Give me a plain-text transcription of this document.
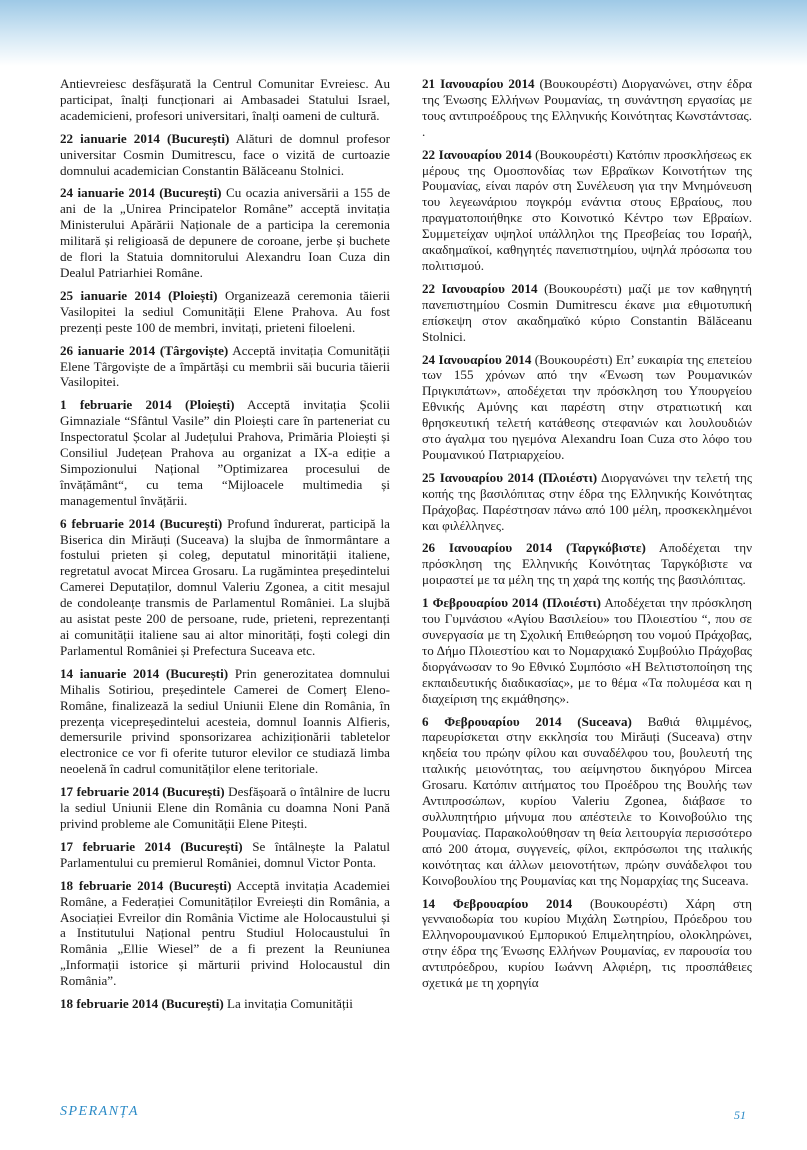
Antievreiesc desfășurată la Centrul Comunitar Evreiesc. Au participat, înalți funcționari ai Ambasadei Statului Israel, academicieni, profesori universitari, înalți oameni de cultură.

22 ianuarie 2014 (București) Alături de domnul profesor universitar Cosmin Dumitrescu, face o vizită de curtoazie domnului academician Constantin Bălăceanu Stolnici.

24 ianuarie 2014 (București) Cu ocazia aniversării a 155 de ani de la „Unirea Principatelor Române” acceptă invitația Ministerului Apărării Naționale de a participa la ceremonia militară și religioasă de depunere de coroane, jerbe și buchete de flori la Statuia domnitorului Alexandru Ioan Cuza din Dealul Patriarhiei Române.

25 ianuarie 2014 (Ploiești) Organizează ceremonia tăierii Vasilopitei la sediul Comunității Elene Prahova. Au fost prezenți peste 100 de membri, invitați, prieteni filoeleni.

26 ianuarie 2014 (Târgoviște) Acceptă invitația Comunității Elene Târgoviște de a împărtăși cu membrii săi bucuria tăierii Vasilopitei.

1 februarie 2014 (Ploiești) Acceptă invitația Școlii Gimnaziale “Sfântul Vasile” din Ploiești care în parteneriat cu Inspectoratul Școlar al Județului Prahova, Primăria Ploiești și Consiliul Județean Prahova au organizat a IX-a ediție a Simpozionului Național ”Optimizarea procesului de învățământ“, cu tema “Mijloacele multimedia și managementul învățării.

6 februarie 2014 (București) Profund îndurerat, participă la Biserica din Mirăuți (Suceava) la slujba de înmormântare a fostului prieten și coleg, deputatul minorității italiene, regretatul avocat Mircea Grosaru. La rugămintea președintelui Camerei Deputaților, domnul Valeriu Zgonea, a citit mesajul de condoleanțe transmis de Parlamentul României. La slujbă au asistat peste 200 de persoane, rude, prieteni, reprezentanți ai comunității italiene sau ai altor minorități, foști colegi din Parlamentul României și Prefectura Suceava etc.

14 ianuarie 2014 (București) Prin generozitatea domnului Mihalis Sotiriou, președintele Camerei de Comerț Eleno-Române, finalizează la sediul Uniunii Elene din România, în prezența vicepreședintelui acesteia, domnul Ioannis Alfieris, demersurile privind sponsorizarea achiziționării tabletelor electronice ce vor fi oferite tuturor elevilor ce studiază limba neoelenă în cadrul comunităților elene teritoriale.

17 februarie 2014 (București) Desfășoară o întâlnire de lucru la sediul Uniunii Elene din România cu doamna Noni Pană privind probleme ale Comunității Elene Pitești.

17 februarie 2014 (București) Se întâlnește la Palatul Parlamentului cu premierul României, domnul Victor Ponta.

18 februarie 2014 (București) Acceptă invitația Academiei Române, a Federației Comunităților Evreiești din România, a Asociației Evreilor din România Victime ale Holocaustului și a Institutului Național pentru Studiul Holocaustului în România „Ellie Wiesel” de a fi prezent la Reuniunea „Informații istorice și mărturii privind Holocaustul din România”.

18 februarie 2014 (București) La invitația Comunității

21 Ιανουαρίου 2014 (Βουκουρέστι) Διοργανώνει, στην έδρα της Ένωσης Ελλήνων Ρουμανίας, τη συνάντηση εργασίας με τους αντιπροέδρους της Ελληνικής Κοινότητας Κωνστάντσας. .

22 Ιανουαρίου 2014 (Βουκουρέστι) Κατόπιν προσκλήσεως εκ μέρους της Ομοσπονδίας των Εβραϊκων Κοινοτήτων της Ρουμανίας, είναι παρόν στη Συνέλευση για την Μνημόνευση του λεγεωνάριου πογκρόμ ενάντια στους Εβραίους, που πραγματοποιήθηκε στο Κοινοτικό Κέντρο των Εβραίων. Συμμετείχαν υψηλοί υπάλληλοι της Πρεσβείας του Ισραήλ, ακαδημαϊκοί, καθηγητές πανεπιστημίου, υψηλά πρόσωπα του πολιτισμού.

22 Ιανουαρίου 2014 (Βουκουρέστι) μαζί με τον καθηγητή πανεπιστημίου Cosmin Dumitrescu έκανε μια εθιμοτυπική επίσκεψη στον ακαδημαϊκό κύριο Constantin Bălăceanu Stolnici.

24 Ιανουαρίου 2014 (Βουκουρέστι) Επ’ ευκαιρία της επετείου των 155 χρόνων από την «Ένωση των Ρουμανικών Πριγκιπάτων», αποδέχεται την πρόσκληση του Υπουργείου Εθνικής Αμύνης και παρέστη στην στρατιωτική και θρησκευτική τελετή κατάθεσης στεφανιών και λουλουδιών στο άγαλμα του ηγεμόνα Alexandru Ioan Cuza στο λόφο του Ρουμανικού Πατριαρχείου.

25 Ιανουαρίου 2014 (Πλοιέστι) Διοργανώνει την τελετή της κοπής της βασιλόπιτας στην έδρα της Ελληνικής Κοινότητας Πράχοβας. Παρέστησαν πάνω από 100 μέλη, προσκεκλημένοι και φιλέλληνες.

26 Ιανουαρίου 2014 (Ταργκόβιστε) Αποδέχεται την πρόσκληση της Ελληνικής Κοινότητας Ταργκόβιστε να μοιραστεί με τα μέλη της τη χαρά της κοπής της βασιλόπιτας.

1 Φεβρουαρίου 2014 (Πλοιέστι) Αποδέχεται την πρόσκληση του Γυμνάσιου «Αγίου Βασιλείου» του Πλοιεστίου “, που σε συνεργασία με τη Σχολική Επιθεώρηση του νομού Πράχοβας, το Δήμο Πλοιεστίου και το Νομαρχιακό Συμβούλιο Πράχοβας διοργάνωσαν το 9ο Εθνικό Συμπόσιο «Η Βελτιστοποίηση της εκπαιδευτικής διαδικασίας», με το θέμα «Τα πολυμέσα και η διαχείριση της εκμάθησης».

6 Φεβρουαρίου 2014 (Suceava) Βαθιά θλιμμένος, παρευρίσκεται στην εκκλησία του Mirăuți (Suceava) στην κηδεία του πρώην φίλου και συναδέλφου του, βουλευτή της ιταλικής μειονότητας, του αείμνηστου δικηγόρου Mircea Grosaru. Κατόπιν αιτήματος του Προέδρου της Βουλής των Αντιπροσώπων, κυρίου Valeriu Zgonea, διάβασε το συλλυπητήριο μήνυμα που απέστειλε το Κοινοβούλιο της Ρουμανίας. Παρακολούθησαν τη θεία λειτουργία περισσότερο από 200 άτομα, συγγενείς, φίλοι, εκπρόσωποι της ιταλικής κοινότητας και άλλων μειονοτήτων, πρώην συνάδελφοι του Κοινοβουλίου της Ρουμανίας και της Νομαρχίας της Suceava.

14 Φεβρουαρίου 2014 (Βουκουρέστι) Χάρη στη γενναιοδωρία του κυρίου Μιχάλη Σωτηρίου, Πρόεδρου του Ελληνορουμανικού Εμπορικού Επιμελητηρίου, ολοκληρώνει, στην έδρα της Ένωσης Ελλήνων Ρουμανίας, εν παρουσία του αντιπρόεδρου, κυρίου Ιωάννη Αλφιέρη, τις προσπάθειες σχετικά με τη χορηγία

SPERANȚA	51
